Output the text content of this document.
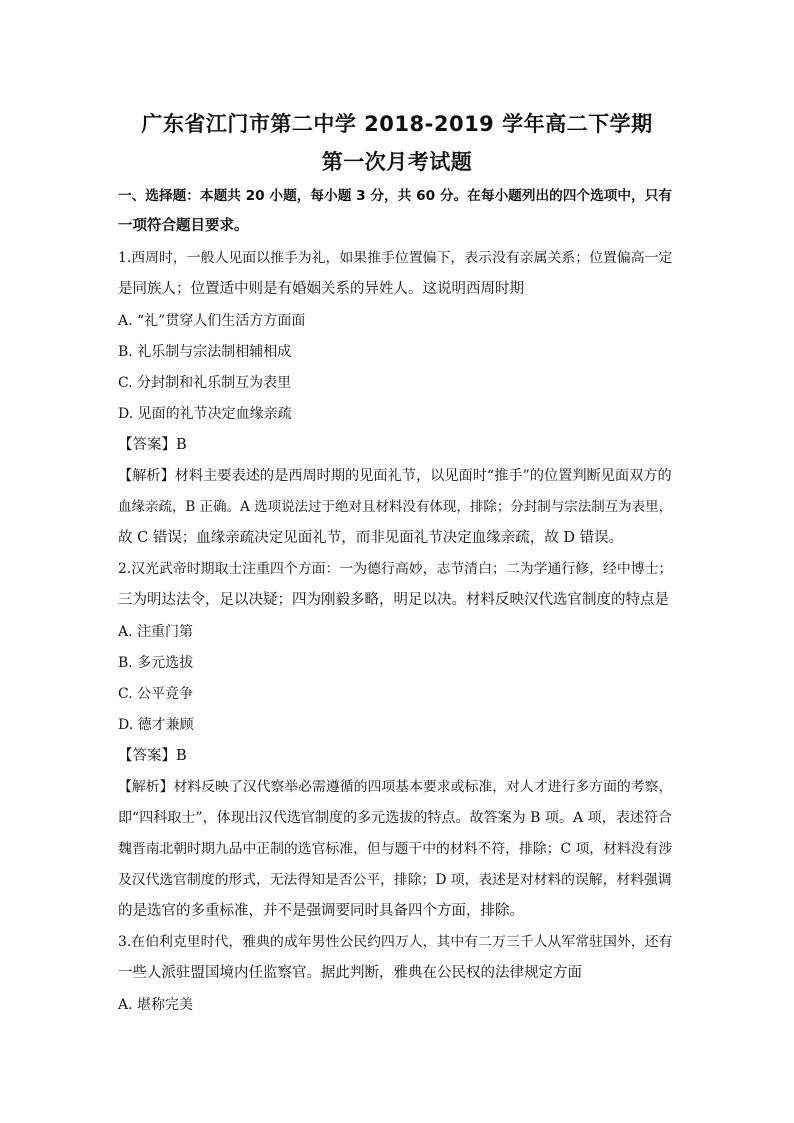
广东省江门市第二中学 2018-2019 学年高二下学期
第一次月考试题
一、选择题：本题共 20 小题，每小题 3 分，共 60 分。在每小题列出的四个选项中，只有
一项符合题目要求。
1.西周时，一般人见面以推手为礼，如果推手位置偏下，表示没有亲属关系；位置偏高一定
是同族人；位置适中则是有婚姻关系的异姓人。这说明西周时期
A. “礼”贯穿人们生活方方面面
B. 礼乐制与宗法制相辅相成
C. 分封制和礼乐制互为表里
D. 见面的礼节决定血缘亲疏
【答案】B
【解析】材料主要表述的是西周时期的见面礼节，以见面时“推手”的位置判断见面双方的
血缘亲疏，B 正确。A 选项说法过于绝对且材料没有体现，排除；分封制与宗法制互为表里，
故 C 错误；血缘亲疏决定见面礼节，而非见面礼节决定血缘亲疏，故 D 错误。
2.汉光武帝时期取士注重四个方面：一为德行高妙，志节清白；二为学通行修，经中博士；
三为明达法令，足以决疑；四为刚毅多略，明足以决。材料反映汉代选官制度的特点是
A. 注重门第
B. 多元选拔
C. 公平竞争
D. 德才兼顾
【答案】B
【解析】材料反映了汉代察举必需遵循的四项基本要求或标准，对人才进行多方面的考察，
即“四科取士”，体现出汉代选官制度的多元选拔的特点。故答案为 B 项。A 项，表述符合
魏晋南北朝时期九品中正制的选官标准，但与题干中的材料不符，排除；C 项，材料没有涉
及汉代选官制度的形式，无法得知是否公平，排除；D 项，表述是对材料的误解，材料强调
的是选官的多重标准，并不是强调要同时具备四个方面，排除。
3.在伯利克里时代，雅典的成年男性公民约四万人，其中有二万三千人从军常驻国外，还有
一些人派驻盟国境内任监察官。据此判断，雅典在公民权的法律规定方面
A. 堪称完美
